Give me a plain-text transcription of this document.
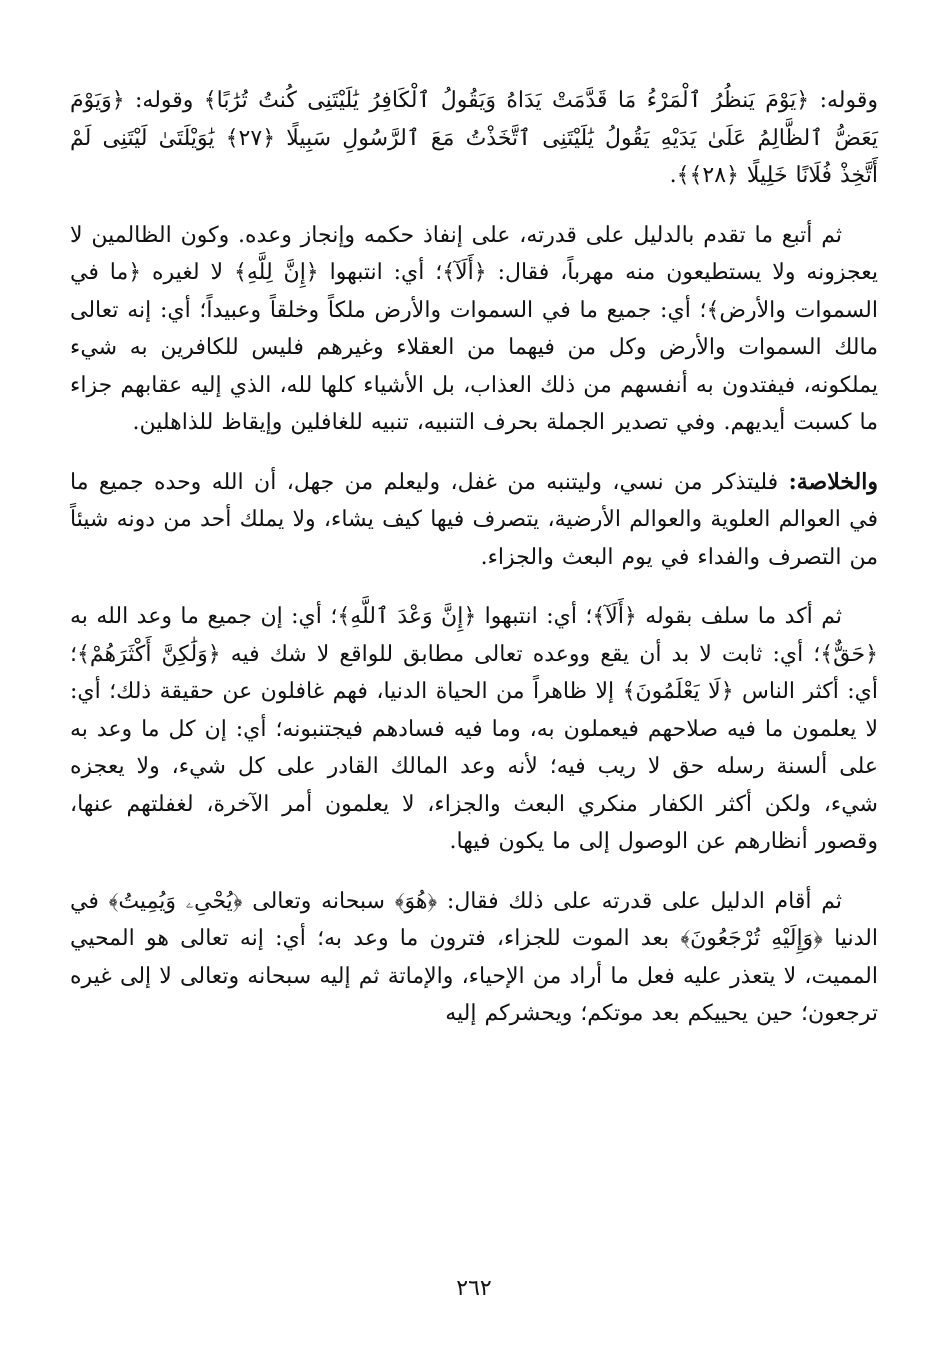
وقوله: ﴿يَوْمَ يَنظُرُ ٱلْمَرْءُ مَا قَدَّمَتْ يَدَاهُ وَيَقُولُ ٱلْكَافِرُ يَٰلَيْتَنِى كُنتُ تُرَٰبًا﴾ وقوله: ﴿وَيَوْمَ يَعَضُّ ٱلظَّالِمُ عَلَىٰ يَدَيْهِ يَقُولُ يَٰلَيْتَنِى ٱتَّخَذْتُ مَعَ ٱلرَّسُولِ سَبِيلًا ﴿٢٧﴾ يَٰوَيْلَتَىٰ لَيْتَنِى لَمْ أَتَّخِذْ فُلَانًا خَلِيلًا ﴿٢٨﴾﴾.

ثم أتبع ما تقدم بالدليل على قدرته، على إنفاذ حكمه وإنجاز وعده. وكون الظالمين لا يعجزونه ولا يستطيعون منه مهرباً، فقال: ﴿أَلَآ﴾؛ أي: انتبهوا ﴿إِنَّ لِلَّهِ﴾ لا لغيره ﴿ما في السموات والأرض﴾؛ أي: جميع ما في السموات والأرض ملكاً وخلقاً وعبيداً؛ أي: إنه تعالى مالك السموات والأرض وكل من فيهما من العقلاء وغيرهم فليس للكافرين به شيء يملكونه، فيفتدون به أنفسهم من ذلك العذاب، بل الأشياء كلها لله، الذي إليه عقابهم جزاء ما كسبت أيديهم. وفي تصدير الجملة بحرف التنبيه، تنبيه للغافلين وإيقاظ للذاهلين.

والخلاصة: فليتذكر من نسي، وليتنبه من غفل، وليعلم من جهل، أن الله وحده جميع ما في العوالم العلوية والعوالم الأرضية، يتصرف فيها كيف يشاء، ولا يملك أحد من دونه شيئاً من التصرف والفداء في يوم البعث والجزاء.

ثم أكد ما سلف بقوله ﴿أَلَآ﴾؛ أي: انتبهوا ﴿إِنَّ وَعْدَ ٱللَّهِ﴾؛ أي: إن جميع ما وعد الله به ﴿حَقٌّ﴾؛ أي: ثابت لا بد أن يقع ووعده تعالى مطابق للواقع لا شك فيه ﴿وَلَٰكِنَّ أَكْثَرَهُمْ﴾؛ أي: أكثر الناس ﴿لَا يَعْلَمُونَ﴾ إلا ظاهراً من الحياة الدنيا، فهم غافلون عن حقيقة ذلك؛ أي: لا يعلمون ما فيه صلاحهم فيعملون به، وما فيه فسادهم فيجتنبونه؛ أي: إن كل ما وعد به على ألسنة رسله حق لا ريب فيه؛ لأنه وعد المالك القادر على كل شيء، ولا يعجزه شيء، ولكن أكثر الكفار منكري البعث والجزاء، لا يعلمون أمر الآخرة، لغفلتهم عنها، وقصور أنظارهم عن الوصول إلى ما يكون فيها.

ثم أقام الدليل على قدرته على ذلك فقال: ﴿هُوَ﴾ سبحانه وتعالى ﴿يُحْىِۦ وَيُمِيتُ﴾ في الدنيا ﴿وَإِلَيْهِ تُرْجَعُونَ﴾ بعد الموت للجزاء، فترون ما وعد به؛ أي: إنه تعالى هو المحيي المميت، لا يتعذر عليه فعل ما أراد من الإحياء، والإماتة ثم إليه سبحانه وتعالى لا إلى غيره ترجعون؛ حين يحييكم بعد موتكم؛ ويحشركم إليه

٢٦٢
